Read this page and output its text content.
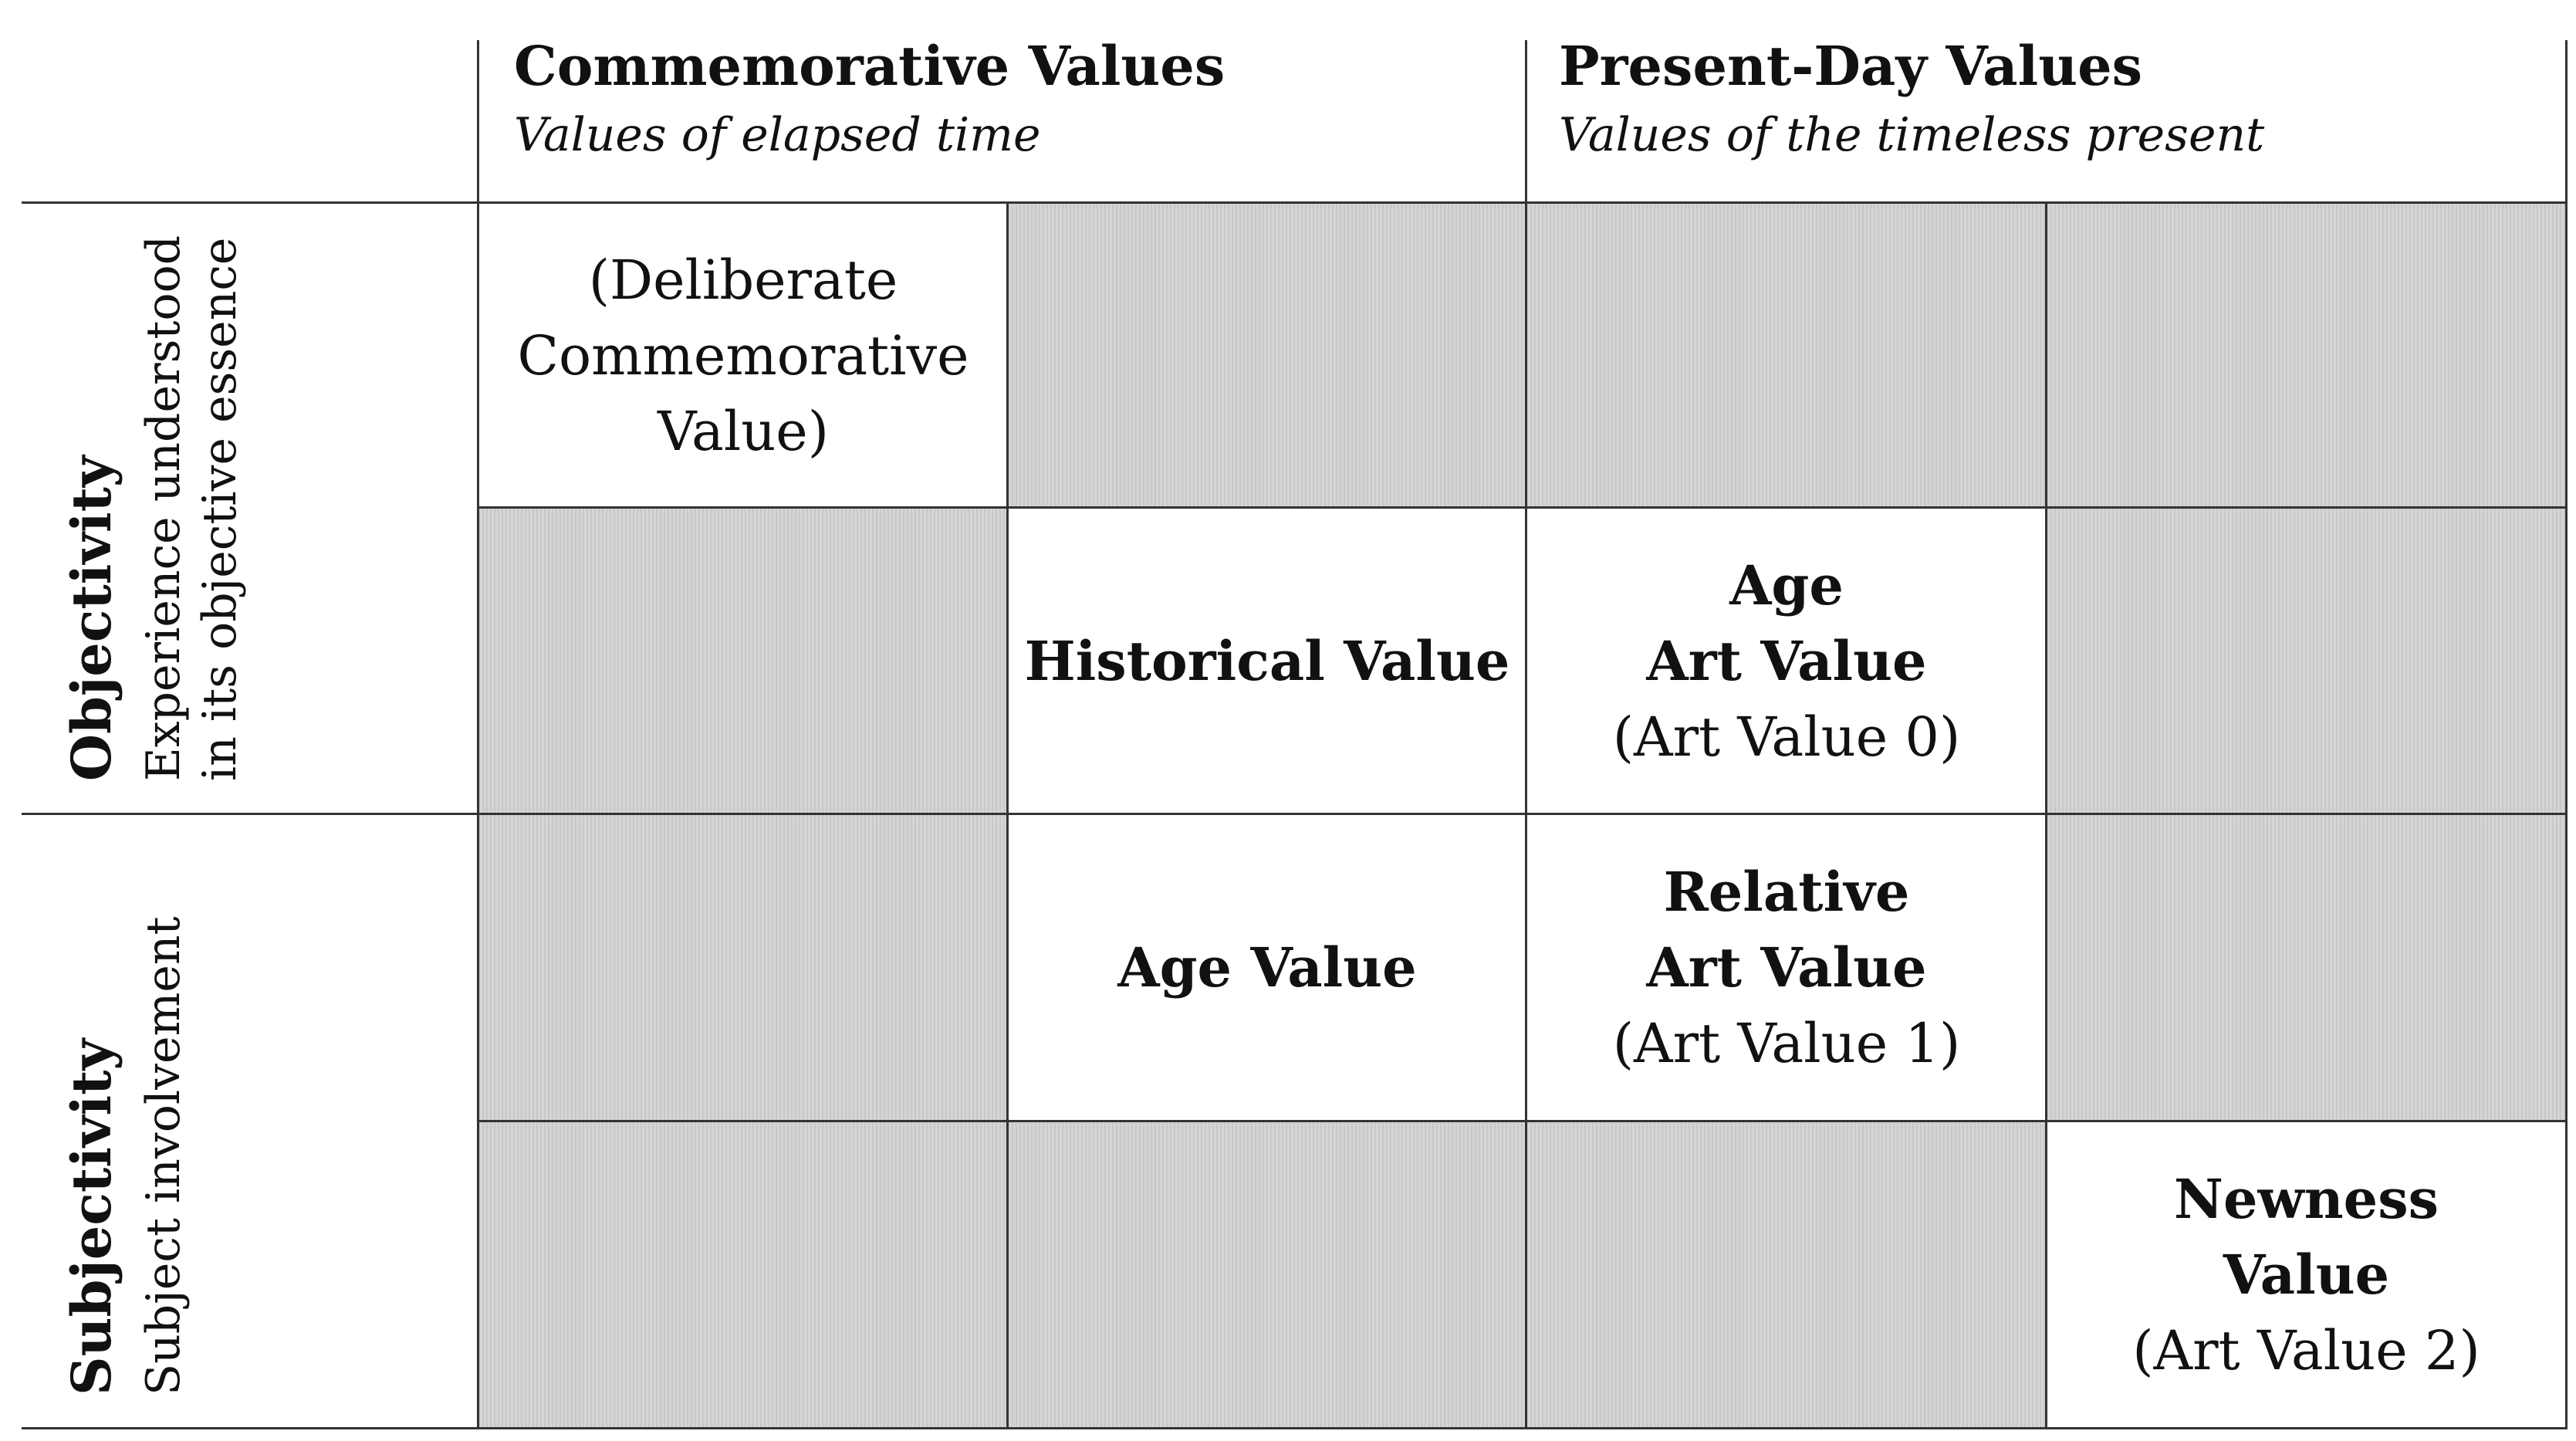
Commemorative Values
Values of elapsed time
Present-Day Values
Values of the timeless present
Objectivity Experience understood in its objective essence
Subjectivity Subject involvement
(Deliberate
Commemorative
Value)
Historical Value
Age
Art Value
(Art Value 0)
Age Value
Relative
Art Value
(Art Value 1)
Newness
Value
(Art Value 2)
